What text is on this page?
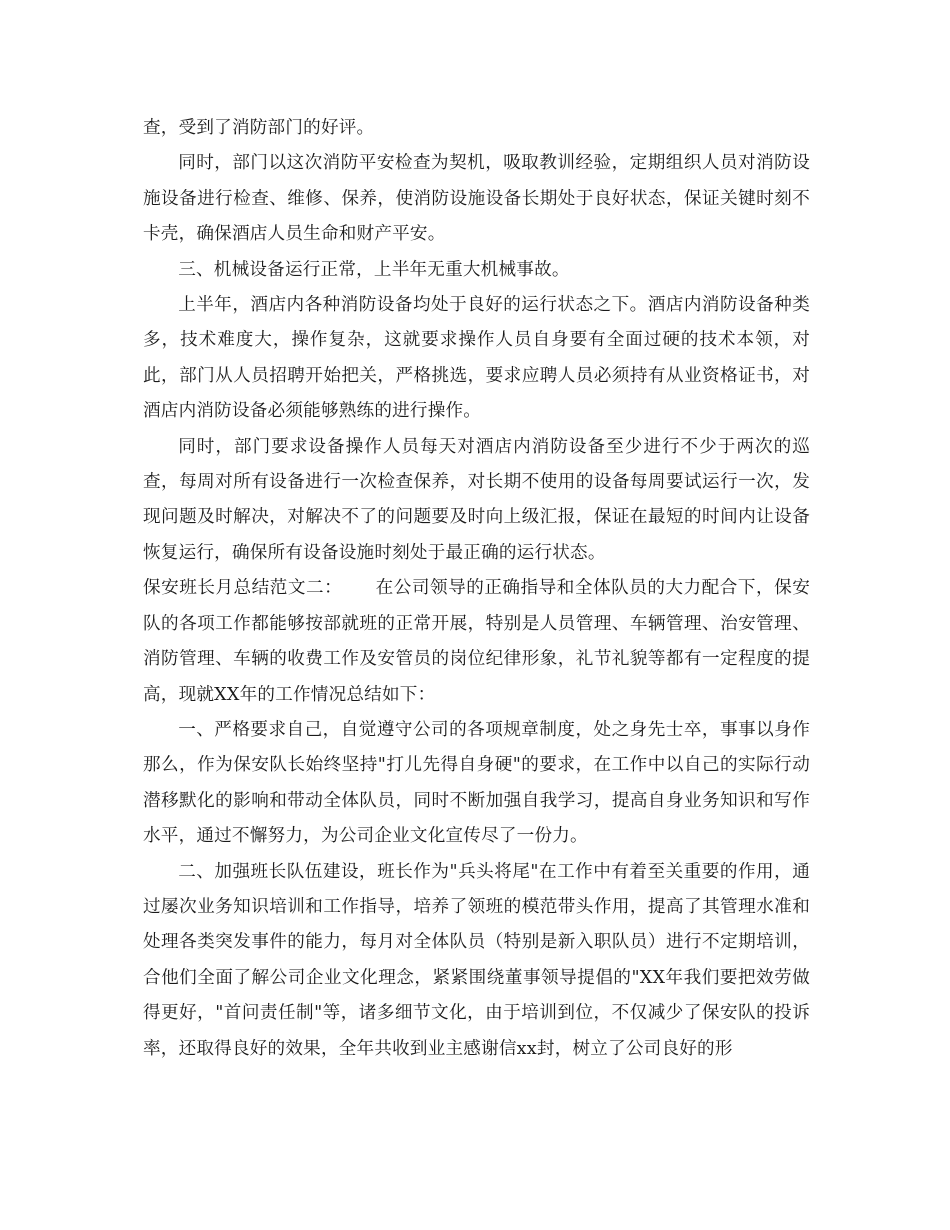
查，受到了消防部门的好评。

同时，部门以这次消防平安检查为契机，吸取教训经验，定期组织人员对消防设施设备进行检查、维修、保养，使消防设施设备长期处于良好状态，保证关键时刻不卡壳，确保酒店人员生命和财产平安。

三、机械设备运行正常，上半年无重大机械事故。

上半年，酒店内各种消防设备均处于良好的运行状态之下。酒店内消防设备种类多，技术难度大，操作复杂，这就要求操作人员自身要有全面过硬的技术本领，对此，部门从人员招聘开始把关，严格挑选，要求应聘人员必须持有从业资格证书，对酒店内消防设备必须能够熟练的进行操作。

同时，部门要求设备操作人员每天对酒店内消防设备至少进行不少于两次的巡查，每周对所有设备进行一次检查保养，对长期不使用的设备每周要试运行一次，发现问题及时解决，对解决不了的问题要及时向上级汇报，保证在最短的时间内让设备恢复运行，确保所有设备设施时刻处于最正确的运行状态。

保安班长月总结范文二： 在公司领导的正确指导和全体队员的大力配合下，保安队的各项工作都能够按部就班的正常开展，特别是人员管理、车辆管理、治安管理、消防管理、车辆的收费工作及安管员的岗位纪律形象，礼节礼貌等都有一定程度的提高，现就XX年的工作情况总结如下：

一、严格要求自己，自觉遵守公司的各项规章制度，处之身先士卒，事事以身作那么，作为保安队长始终坚持"打儿先得自身硬"的要求，在工作中以自己的实际行动潜移默化的影响和带动全体队员，同时不断加强自我学习，提高自身业务知识和写作水平，通过不懈努力，为公司企业文化宣传尽了一份力。

二、加强班长队伍建设，班长作为"兵头将尾"在工作中有着至关重要的作用，通过屡次业务知识培训和工作指导，培养了领班的模范带头作用，提高了其管理水准和处理各类突发事件的能力，每月对全体队员（特别是新入职队员）进行不定期培训，合他们全面了解公司企业文化理念，紧紧围绕董事领导提倡的"XX年我们要把效劳做得更好，"首问责任制"等，诸多细节文化，由于培训到位，不仅减少了保安队的投诉率，还取得良好的效果，全年共收到业主感谢信xx封，树立了公司良好的形
